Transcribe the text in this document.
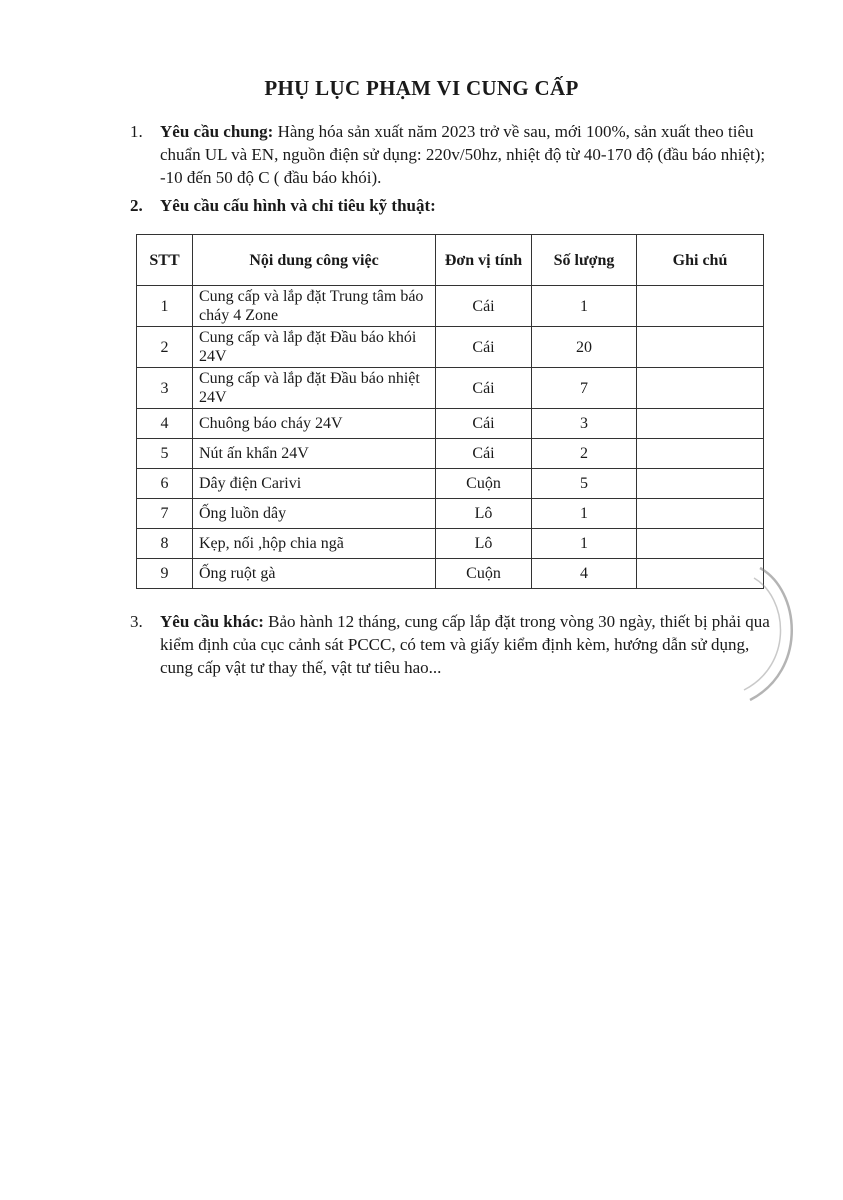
PHỤ LỤC PHẠM VI CUNG CẤP
1. Yêu cầu chung: Hàng hóa sản xuất năm 2023 trở về sau, mới 100%, sản xuất theo tiêu chuẩn UL và EN, nguồn điện sử dụng: 220v/50hz, nhiệt độ từ 40-170 độ (đầu báo nhiệt); -10 đến 50 độ C ( đầu báo khói).
2. Yêu cầu cấu hình và chỉ tiêu kỹ thuật:
STT	Nội dung công việc	Đơn vị tính	Số lượng	Ghi chú
1	Cung cấp và lắp đặt Trung tâm báo cháy 4 Zone	Cái	1	
2	Cung cấp và lắp đặt Đầu báo khói 24V	Cái	20	
3	Cung cấp và lắp đặt Đầu báo nhiệt 24V	Cái	7	
4	Chuông báo cháy 24V	Cái	3	
5	Nút ấn khẩn 24V	Cái	2	
6	Dây điện Carivi	Cuộn	5	
7	Ống luồn dây	Lô	1	
8	Kẹp, nối ,hộp chia ngã	Lô	1	
9	Ống ruột gà	Cuộn	4	
3. Yêu cầu khác: Bảo hành 12 tháng, cung cấp lắp đặt trong vòng 30 ngày, thiết bị phải qua kiểm định của cục cảnh sát PCCC, có tem và giấy kiểm định kèm, hướng dẫn sử dụng, cung cấp vật tư thay thế, vật tư tiêu hao...
